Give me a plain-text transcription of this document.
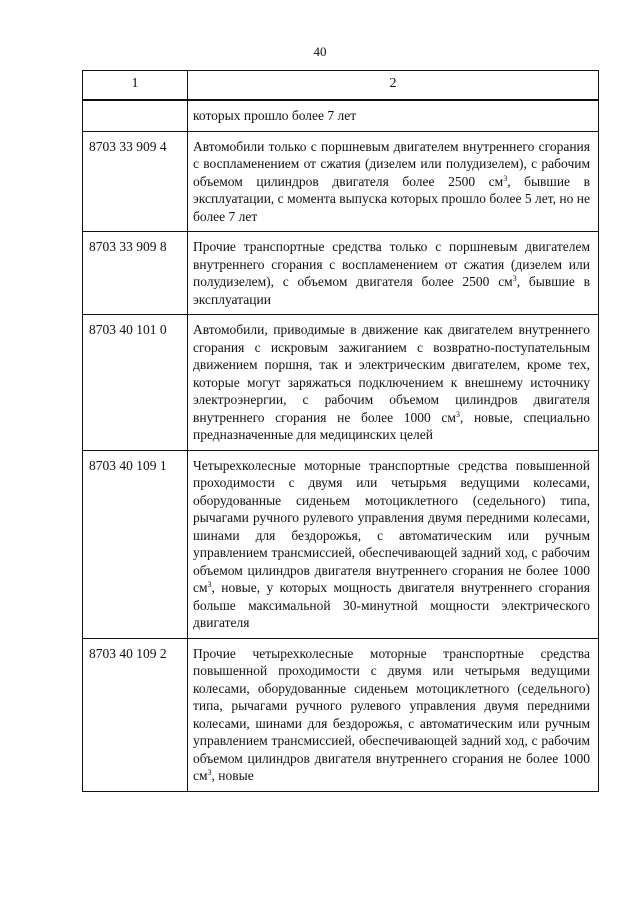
40
1	2

	которых прошло более 7 лет

8703 33 909 4	Автомобили только с поршневым двигателем внутреннего сгорания с воспламенением от сжатия (дизелем или полудизелем), с рабочим объемом цилиндров двигателя более 2500 $см^3$, бывшие в эксплуатации, с момента выпуска которых прошло более 5 лет, но не более 7 лет

8703 33 909 8	Прочие транспортные средства только с поршневым двигателем внутреннего сгорания с воспламенением от сжатия (дизелем или полудизелем), с объемом двигателя более 2500 $см^3$, бывшие в эксплуатации

8703 40 101 0	Автомобили, приводимые в движение как двигателем внутреннего сгорания с искровым зажиганием с возвратно-поступательным движением поршня, так и электрическим двигателем, кроме тех, которые могут заряжаться подключением к внешнему источнику электроэнергии, с рабочим объемом цилиндров двигателя внутреннего сгорания не более 1000 $см^3$, новые, специально предназначенные для медицинских целей

8703 40 109 1	Четырехколесные моторные транспортные средства повышенной проходимости с двумя или четырьмя ведущими колесами, оборудованные сиденьем мотоциклетного (седельного) типа, рычагами ручного рулевого управления двумя передними колесами, шинами для бездорожья, с автоматическим или ручным управлением трансмиссией, обеспечивающей задний ход, с рабочим объемом цилиндров двигателя внутреннего сгорания не более 1000 $см^3$, новые, у которых мощность двигателя внутреннего сгорания больше максимальной 30-минутной мощности электрического двигателя

8703 40 109 2	Прочие четырехколесные моторные транспортные средства повышенной проходимости с двумя или четырьмя ведущими колесами, оборудованные сиденьем мотоциклетного (седельного) типа, рычагами ручного рулевого управления двумя передними колесами, шинами для бездорожья, с автоматическим или ручным управлением трансмиссией, обеспечивающей задний ход, с рабочим объемом цилиндров двигателя внутреннего сгорания не более 1000 $см^3$, новые
